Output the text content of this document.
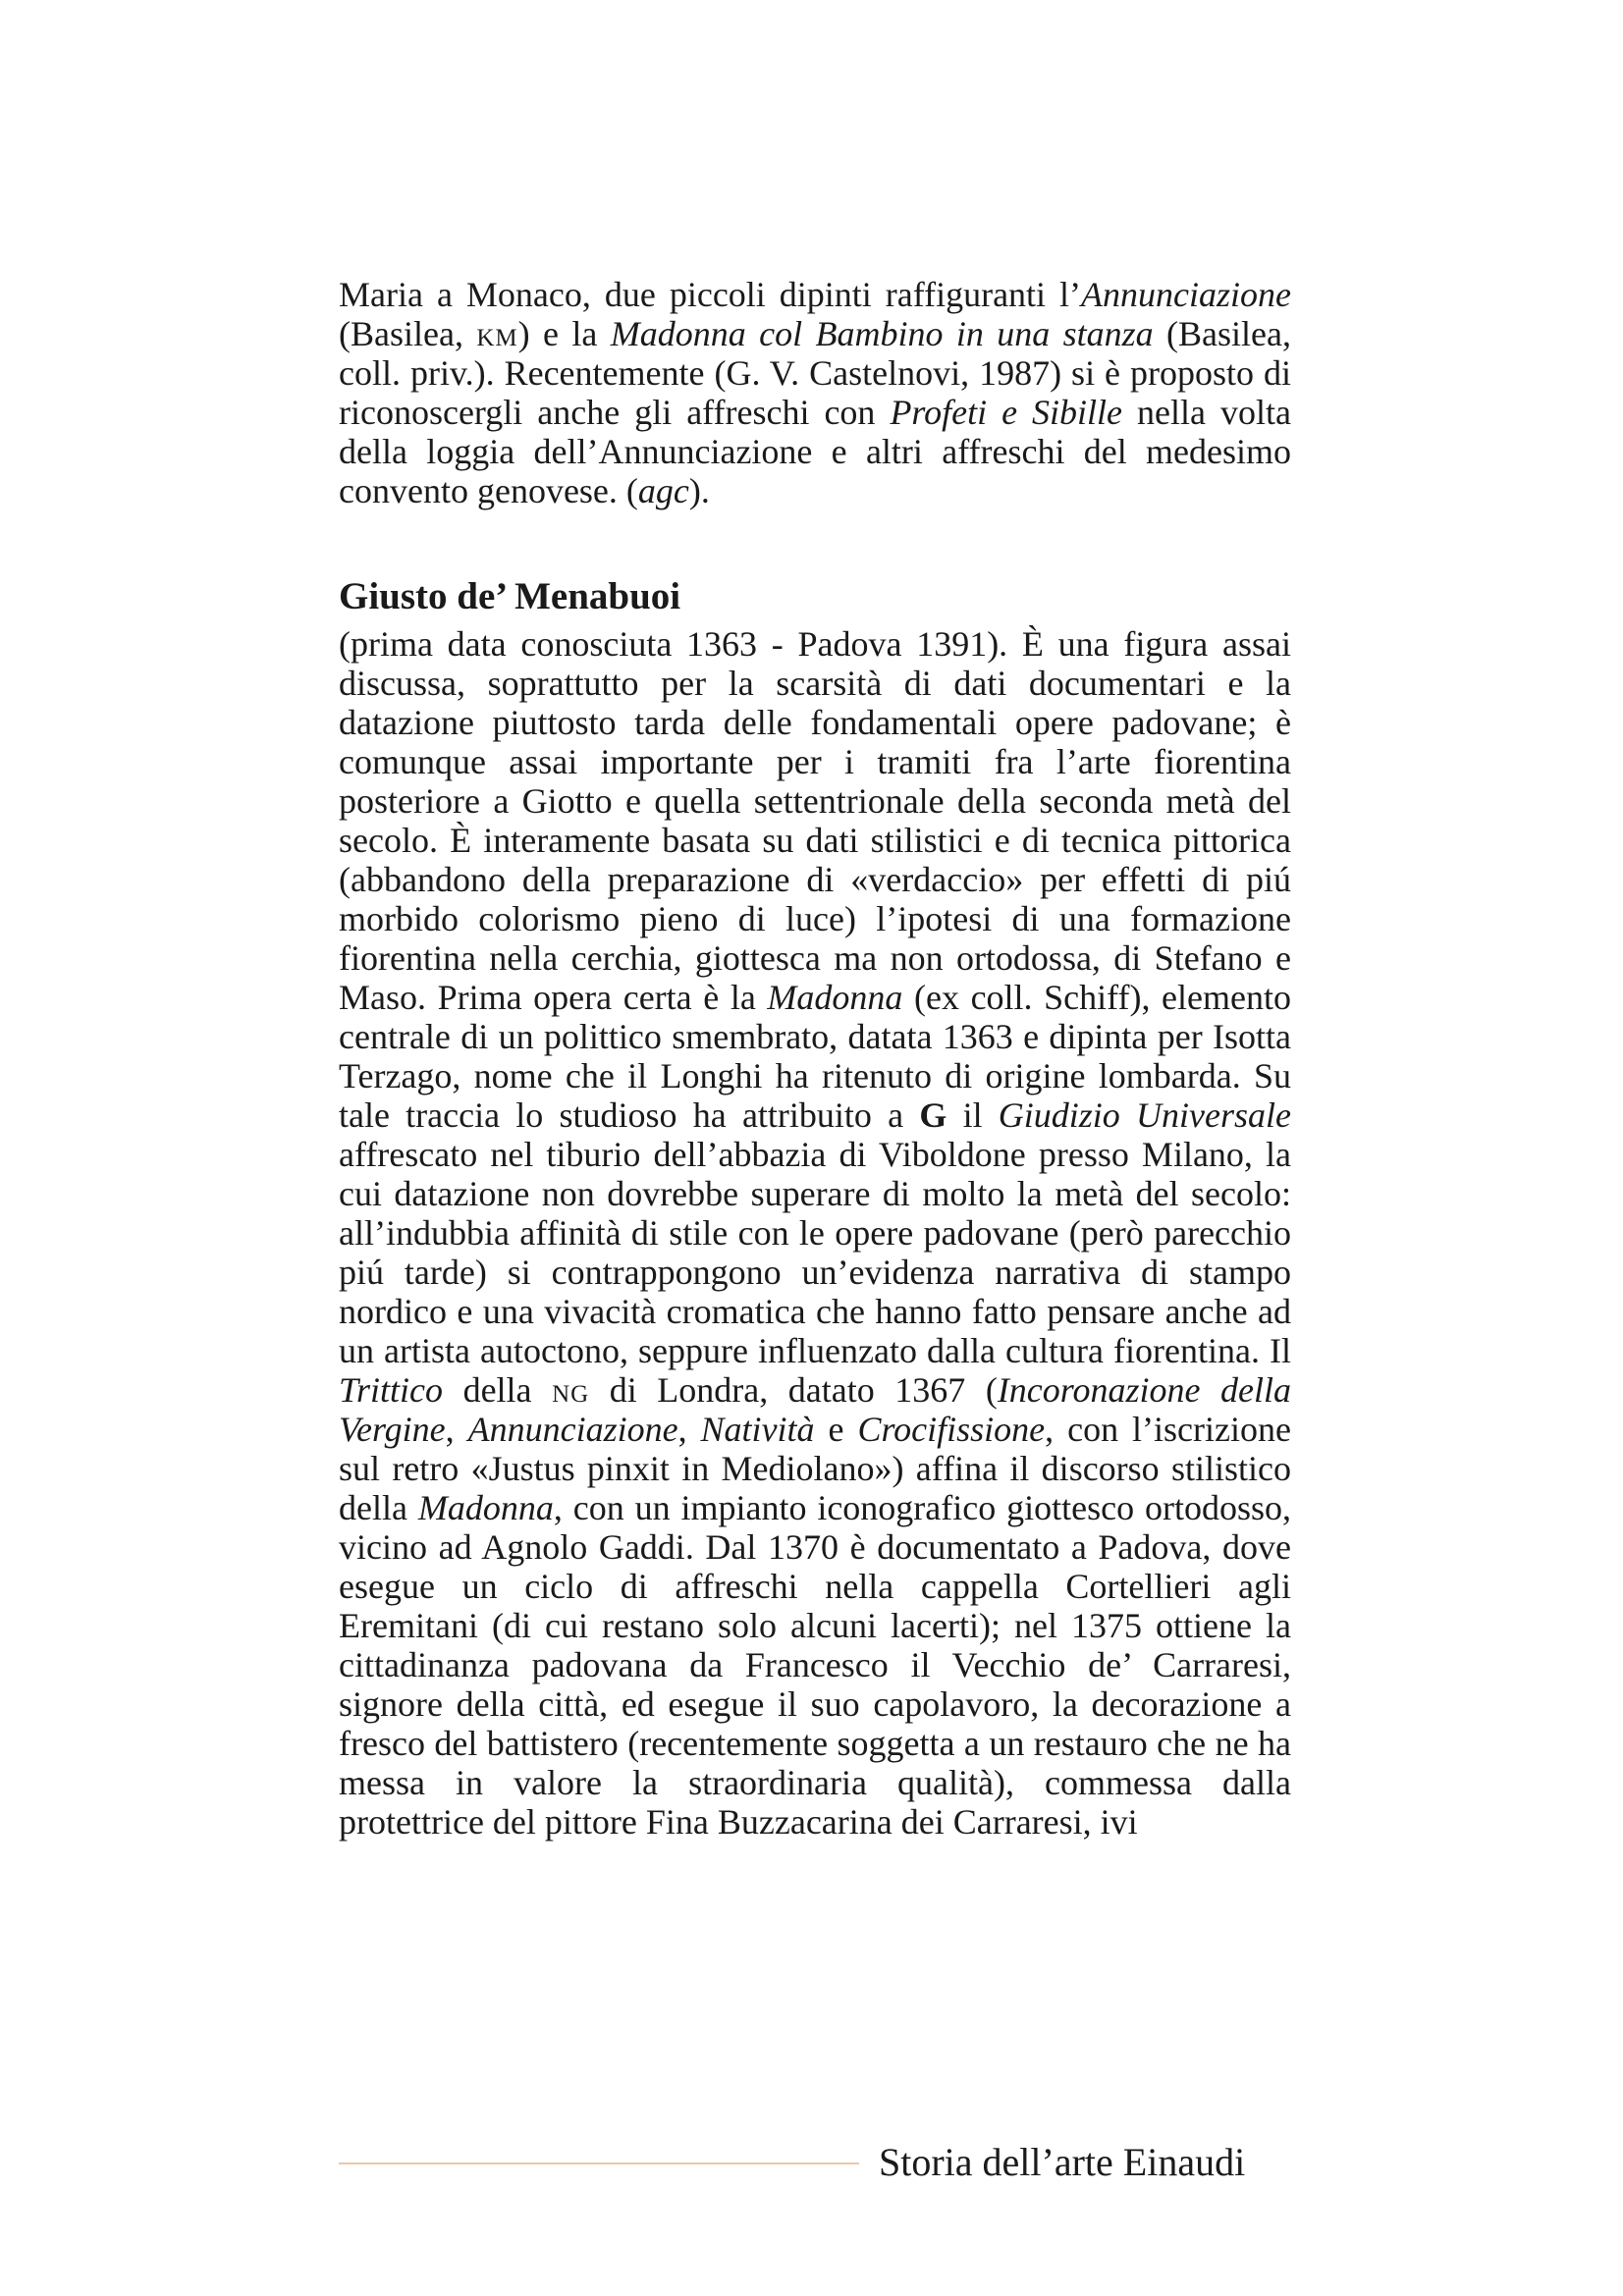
Maria a Monaco, due piccoli dipinti raffiguranti l’Annunciazione (Basilea, km) e la Madonna col Bambino in una stanza (Basilea, coll. priv.). Recentemente (G. V. Castelnovi, 1987) si è proposto di riconoscergli anche gli affreschi con Profeti e Sibille nella volta della loggia dell’Annunciazione e altri affreschi del medesimo convento genovese. (agc).

Giusto de’ Menabuoi

(prima data conosciuta 1363 - Padova 1391). È una figura assai discussa, soprattutto per la scarsità di dati documentari e la datazione piuttosto tarda delle fondamentali opere padovane; è comunque assai importante per i tramiti fra l’arte fiorentina posteriore a Giotto e quella settentrionale della seconda metà del secolo. È interamente basata su dati stilistici e di tecnica pittorica (abbandono della preparazione di «verdaccio» per effetti di piú morbido colorismo pieno di luce) l’ipotesi di una formazione fiorentina nella cerchia, giottesca ma non ortodossa, di Stefano e Maso. Prima opera certa è la Madonna (ex coll. Schiff), elemento centrale di un polittico smembrato, datata 1363 e dipinta per Isotta Terzago, nome che il Longhi ha ritenuto di origine lombarda. Su tale traccia lo studioso ha attribuito a G il Giudizio Universale affrescato nel tiburio dell’abbazia di Viboldone presso Milano, la cui datazione non dovrebbe superare di molto la metà del secolo: all’indubbia affinità di stile con le opere padovane (però parecchio piú tarde) si contrappongono un’evidenza narrativa di stampo nordico e una vivacità cromatica che hanno fatto pensare anche ad un artista autoctono, seppure influenzato dalla cultura fiorentina. Il Trittico della ng di Londra, datato 1367 (Incoronazione della Vergine, Annunciazione, Natività e Crocifissione, con l’iscrizione sul retro «Justus pinxit in Mediolano») affina il discorso stilistico della Madonna, con un impianto iconografico giottesco ortodosso, vicino ad Agnolo Gaddi. Dal 1370 è documentato a Padova, dove esegue un ciclo di affreschi nella cappella Cortellieri agli Eremitani (di cui restano solo alcuni lacerti); nel 1375 ottiene la cittadinanza padovana da Francesco il Vecchio de’ Carraresi, signore della città, ed esegue il suo capolavoro, la decorazione a fresco del battistero (recentemente soggetta a un restauro che ne ha messa in valore la straordinaria qualità), commessa dalla protettrice del pittore Fina Buzzacarina dei Carraresi, ivi

Storia dell’arte Einaudi
